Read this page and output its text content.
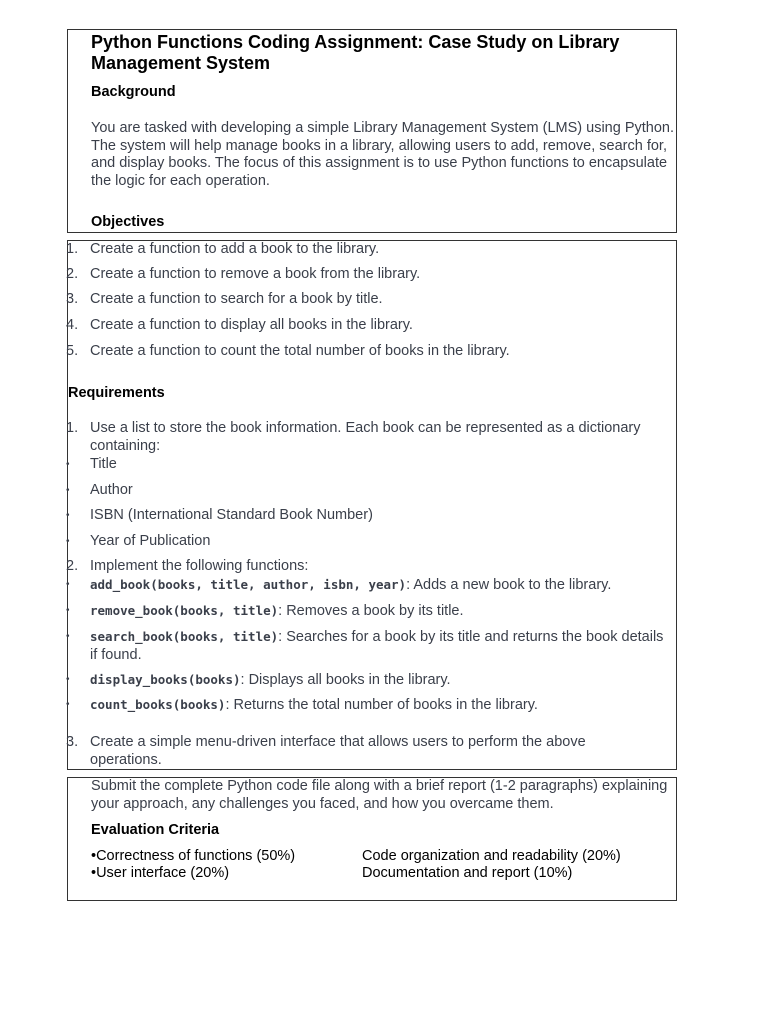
Python Functions Coding Assignment: Case Study on Library Management System
Background

You are tasked with developing a simple Library Management System (LMS) using Python. The system will help manage books in a library, allowing users to add, remove, search for, and display books. The focus of this assignment is to use Python functions to encapsulate the logic for each operation.

Objectives
1. Create a function to add a book to the library.
2. Create a function to remove a book from the library.
3. Create a function to search for a book by title.
4. Create a function to display all books in the library.
5. Create a function to count the total number of books in the library.
Requirements
1. Use a list to store the book information. Each book can be represented as a dictionary containing:
• Title
• Author
• ISBN (International Standard Book Number)
• Year of Publication
2. Implement the following functions:
• add_book(books, title, author, isbn, year): Adds a new book to the library.
• remove_book(books, title): Removes a book by its title.
• search_book(books, title): Searches for a book by its title and returns the book details if found.
• display_books(books): Displays all books in the library.
• count_books(books): Returns the total number of books in the library.
3. Create a simple menu-driven interface that allows users to perform the above operations.

Submit the complete Python code file along with a brief report (1-2 paragraphs) explaining your approach, any challenges you faced, and how you overcame them.

Evaluation Criteria
•Correctness of functions (50%)	Code organization and readability (20%)
•User interface (20%)	Documentation and report (10%)
